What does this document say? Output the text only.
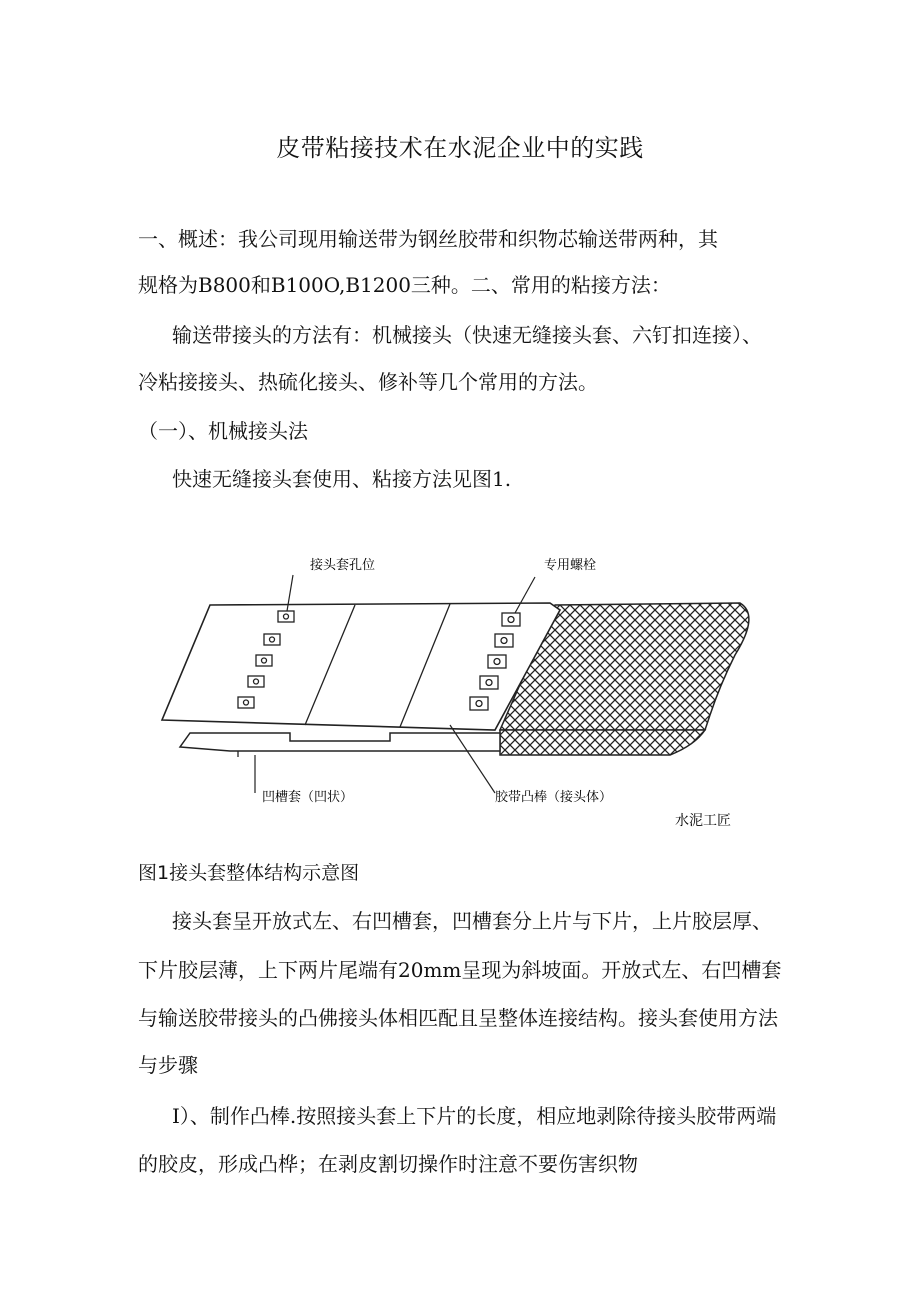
皮带粘接技术在水泥企业中的实践
一、概述：我公司现用输送带为钢丝胶带和织物芯输送带两种，其
规格为B800和B100O,B1200三种。二、常用的粘接方法：
输送带接头的方法有：机械接头（快速无缝接头套、六钉扣连接）、
冷粘接接头、热硫化接头、修补等几个常用的方法。
（一）、机械接头法
快速无缝接头套使用、粘接方法见图1.
接头套孔位	专用螺栓
凹槽套（凹状）	胶带凸棒（接头体）
水泥工匠
图1接头套整体结构示意图
接头套呈开放式左、右凹槽套，凹槽套分上片与下片，上片胶层厚、
下片胶层薄，上下两片尾端有20mm呈现为斜坡面。开放式左、右凹槽套
与输送胶带接头的凸佛接头体相匹配且呈整体连接结构。接头套使用方法
与步骤
I）、制作凸棒.按照接头套上下片的长度，相应地剥除待接头胶带两端
的胶皮，形成凸桦；在剥皮割切操作时注意不要伤害织物
